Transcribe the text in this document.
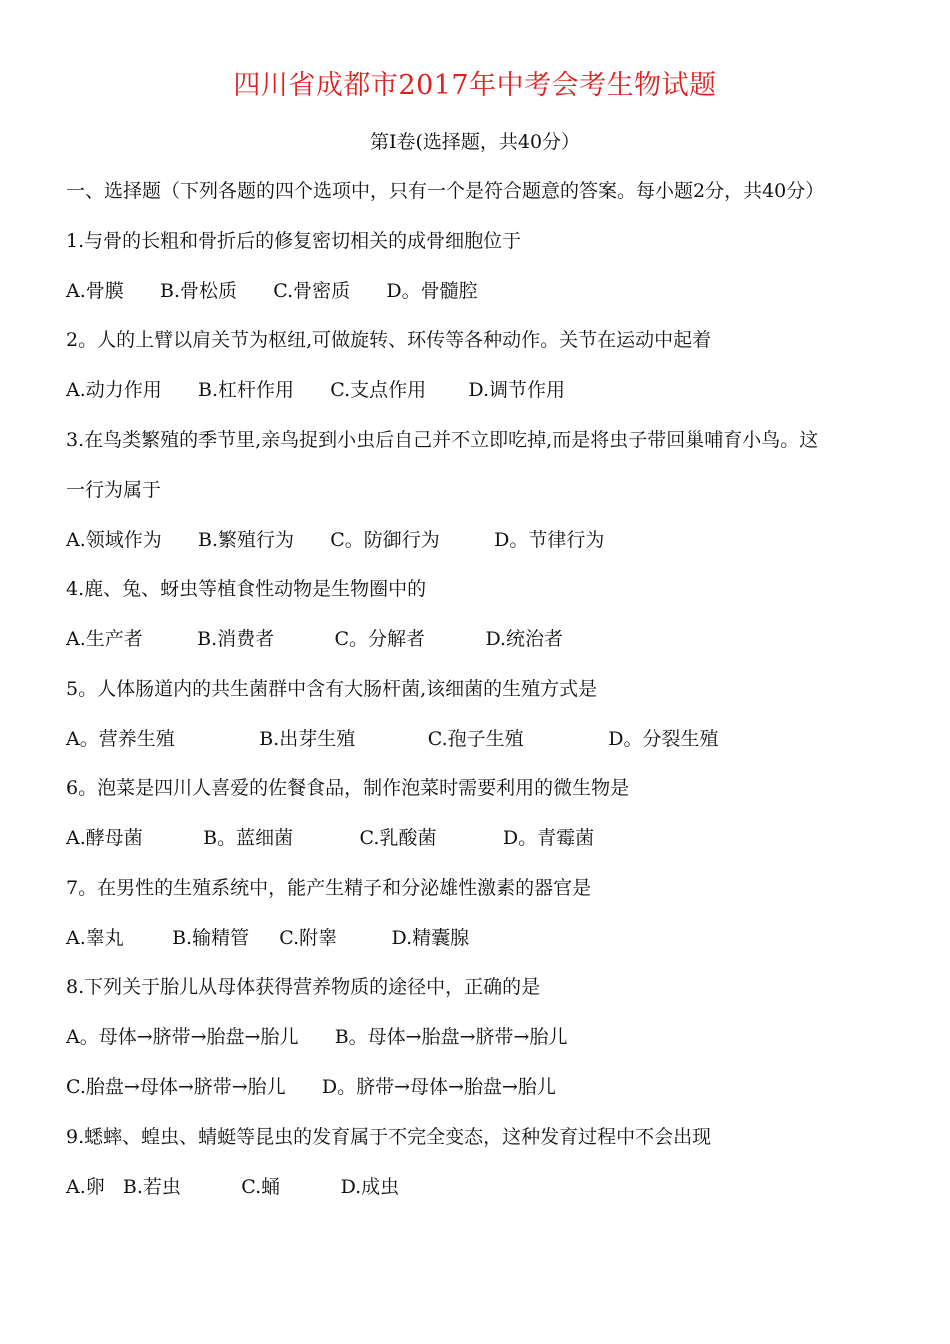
四川省成都市2017年中考会考生物试题
第Ⅰ卷(选择题，共40分）
一、选择题（下列各题的四个选项中，只有一个是符合题意的答案。每小题2分，共40分）
1.与骨的长粗和骨折后的修复密切相关的成骨细胞位于
A.骨膜      B.骨松质      C.骨密质      D。骨髓腔
2。人的上臂以肩关节为枢纽,可做旋转、环传等各种动作。关节在运动中起着
A.动力作用      B.杠杆作用      C.支点作用       D.调节作用
3.在鸟类繁殖的季节里,亲鸟捉到小虫后自己并不立即吃掉,而是将虫子带回巢哺育小鸟。这
一行为属于
A.领域作为      B.繁殖行为      C。防御行为         D。节律行为
4.鹿、兔、蚜虫等植食性动物是生物圈中的
A.生产者         B.消费者          C。分解者          D.统治者
5。人体肠道内的共生菌群中含有大肠杆菌,该细菌的生殖方式是
A。营养生殖              B.出芽生殖            C.孢子生殖              D。分裂生殖
6。泡菜是四川人喜爱的佐餐食品，制作泡菜时需要利用的微生物是
A.酵母菌          B。蓝细菌           C.乳酸菌           D。青霉菌
7。在男性的生殖系统中，能产生精子和分泌雄性激素的器官是
A.睾丸        B.输精管     C.附睾         D.精囊腺
8.下列关于胎儿从母体获得营养物质的途径中，正确的是
A。母体→脐带→胎盘→胎儿      B。母体→胎盘→脐带→胎儿
C.胎盘→母体→脐带→胎儿      D。脐带→母体→胎盘→胎儿
9.蟋蟀、蝗虫、蜻蜓等昆虫的发育属于不完全变态，这种发育过程中不会出现
A.卵   B.若虫          C.蛹          D.成虫
